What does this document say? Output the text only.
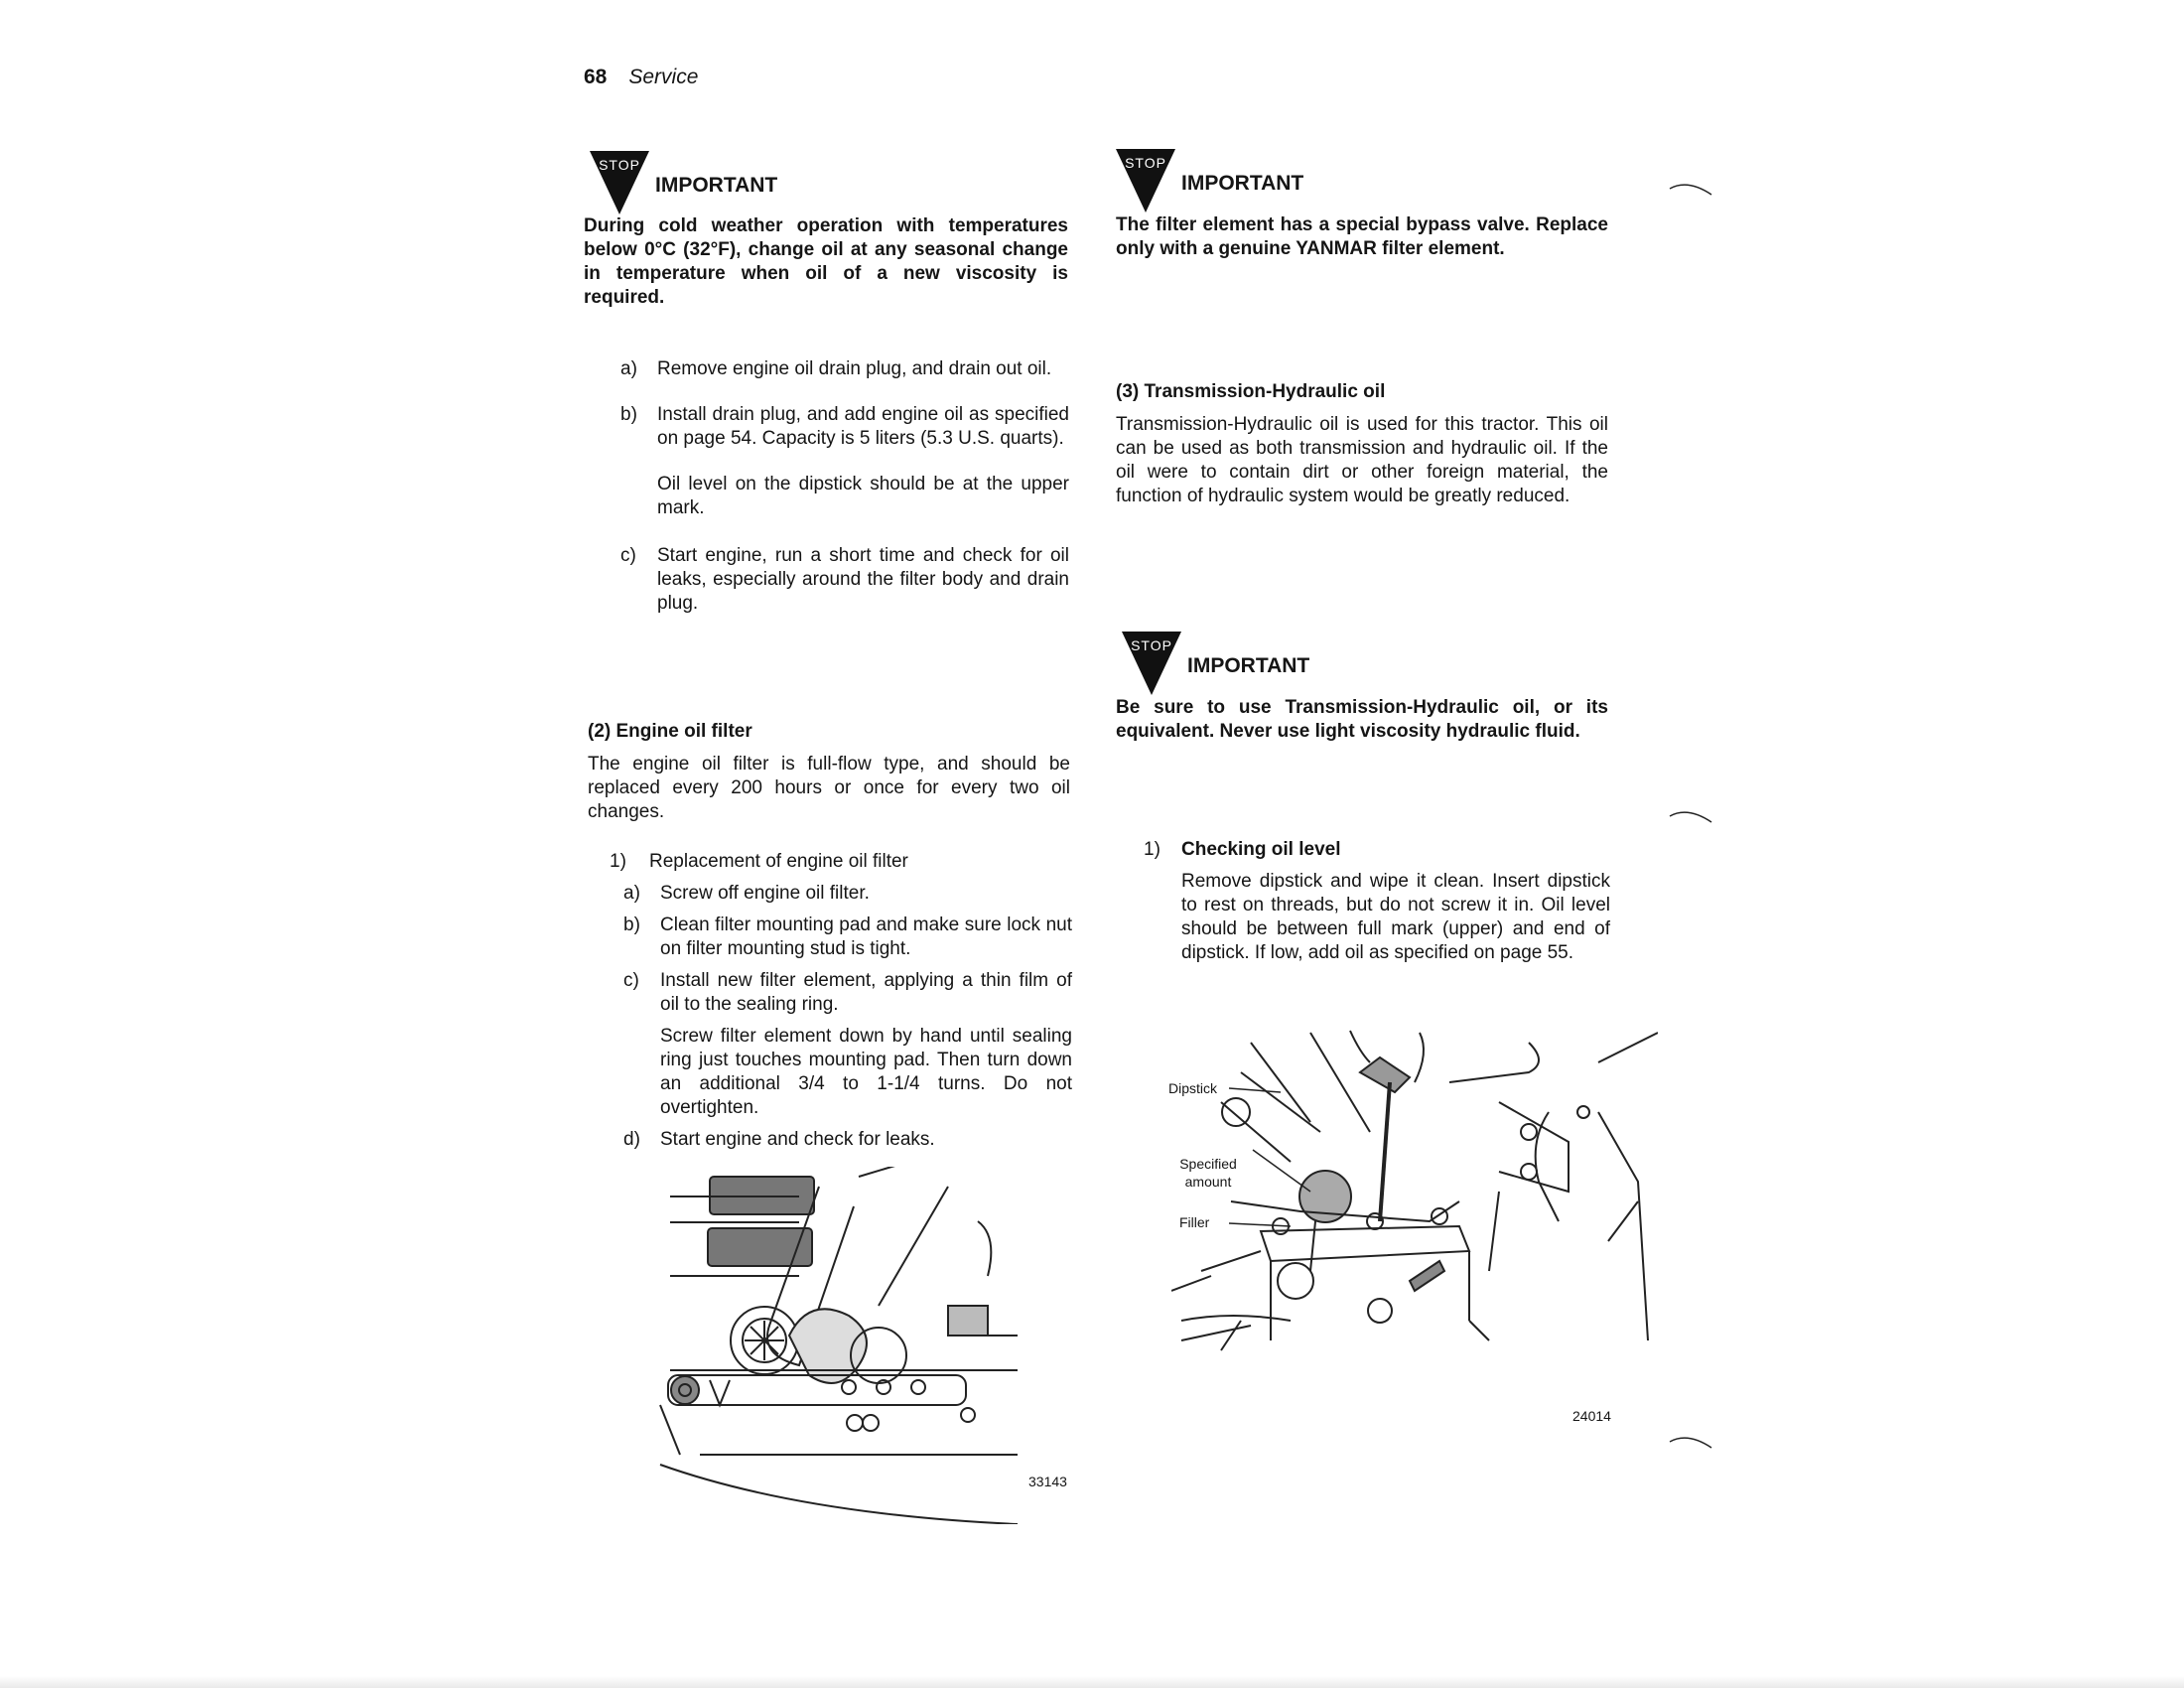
68 Service
STOP
IMPORTANT
During cold weather operation with temperatures below 0°C (32°F), change oil at any seasonal change in temperature when oil of a new viscosity is required.
a)	Remove engine oil drain plug, and drain out oil.
b)	Install drain plug, and add engine oil as specified on page 54. Capacity is 5 liters (5.3 U.S. quarts).
Oil level on the dipstick should be at the upper mark.
c)	Start engine, run a short time and check for oil leaks, especially around the filter body and drain plug.
(2) Engine oil filter
The engine oil filter is full-flow type, and should be replaced every 200 hours or once for every two oil changes.
1)	Replacement of engine oil filter
a)	Screw off engine oil filter.
b)	Clean filter mounting pad and make sure lock nut on filter mounting stud is tight.
c)	Install new filter element, applying a thin film of oil to the sealing ring.
Screw filter element down by hand until sealing ring just touches mounting pad. Then turn down an additional 3/4 to 1-1/4 turns. Do not overtighten.
d)	Start engine and check for leaks.
33143
STOP
IMPORTANT
The filter element has a special bypass valve. Replace only with a genuine YANMAR filter element.
(3) Transmission-Hydraulic oil
Transmission-Hydraulic oil is used for this tractor. This oil can be used as both transmission and hydraulic oil. If the oil were to contain dirt or other foreign material, the function of hydraulic system would be greatly reduced.
STOP
IMPORTANT
Be sure to use Transmission-Hydraulic oil, or its equivalent. Never use light viscosity hydraulic fluid.
1)	Checking oil level
Remove dipstick and wipe it clean. Insert dipstick to rest on threads, but do not screw it in. Oil level should be between full mark (upper) and end of dipstick. If low, add oil as specified on page 55.
Dipstick
Specified amount
Filler
24014
